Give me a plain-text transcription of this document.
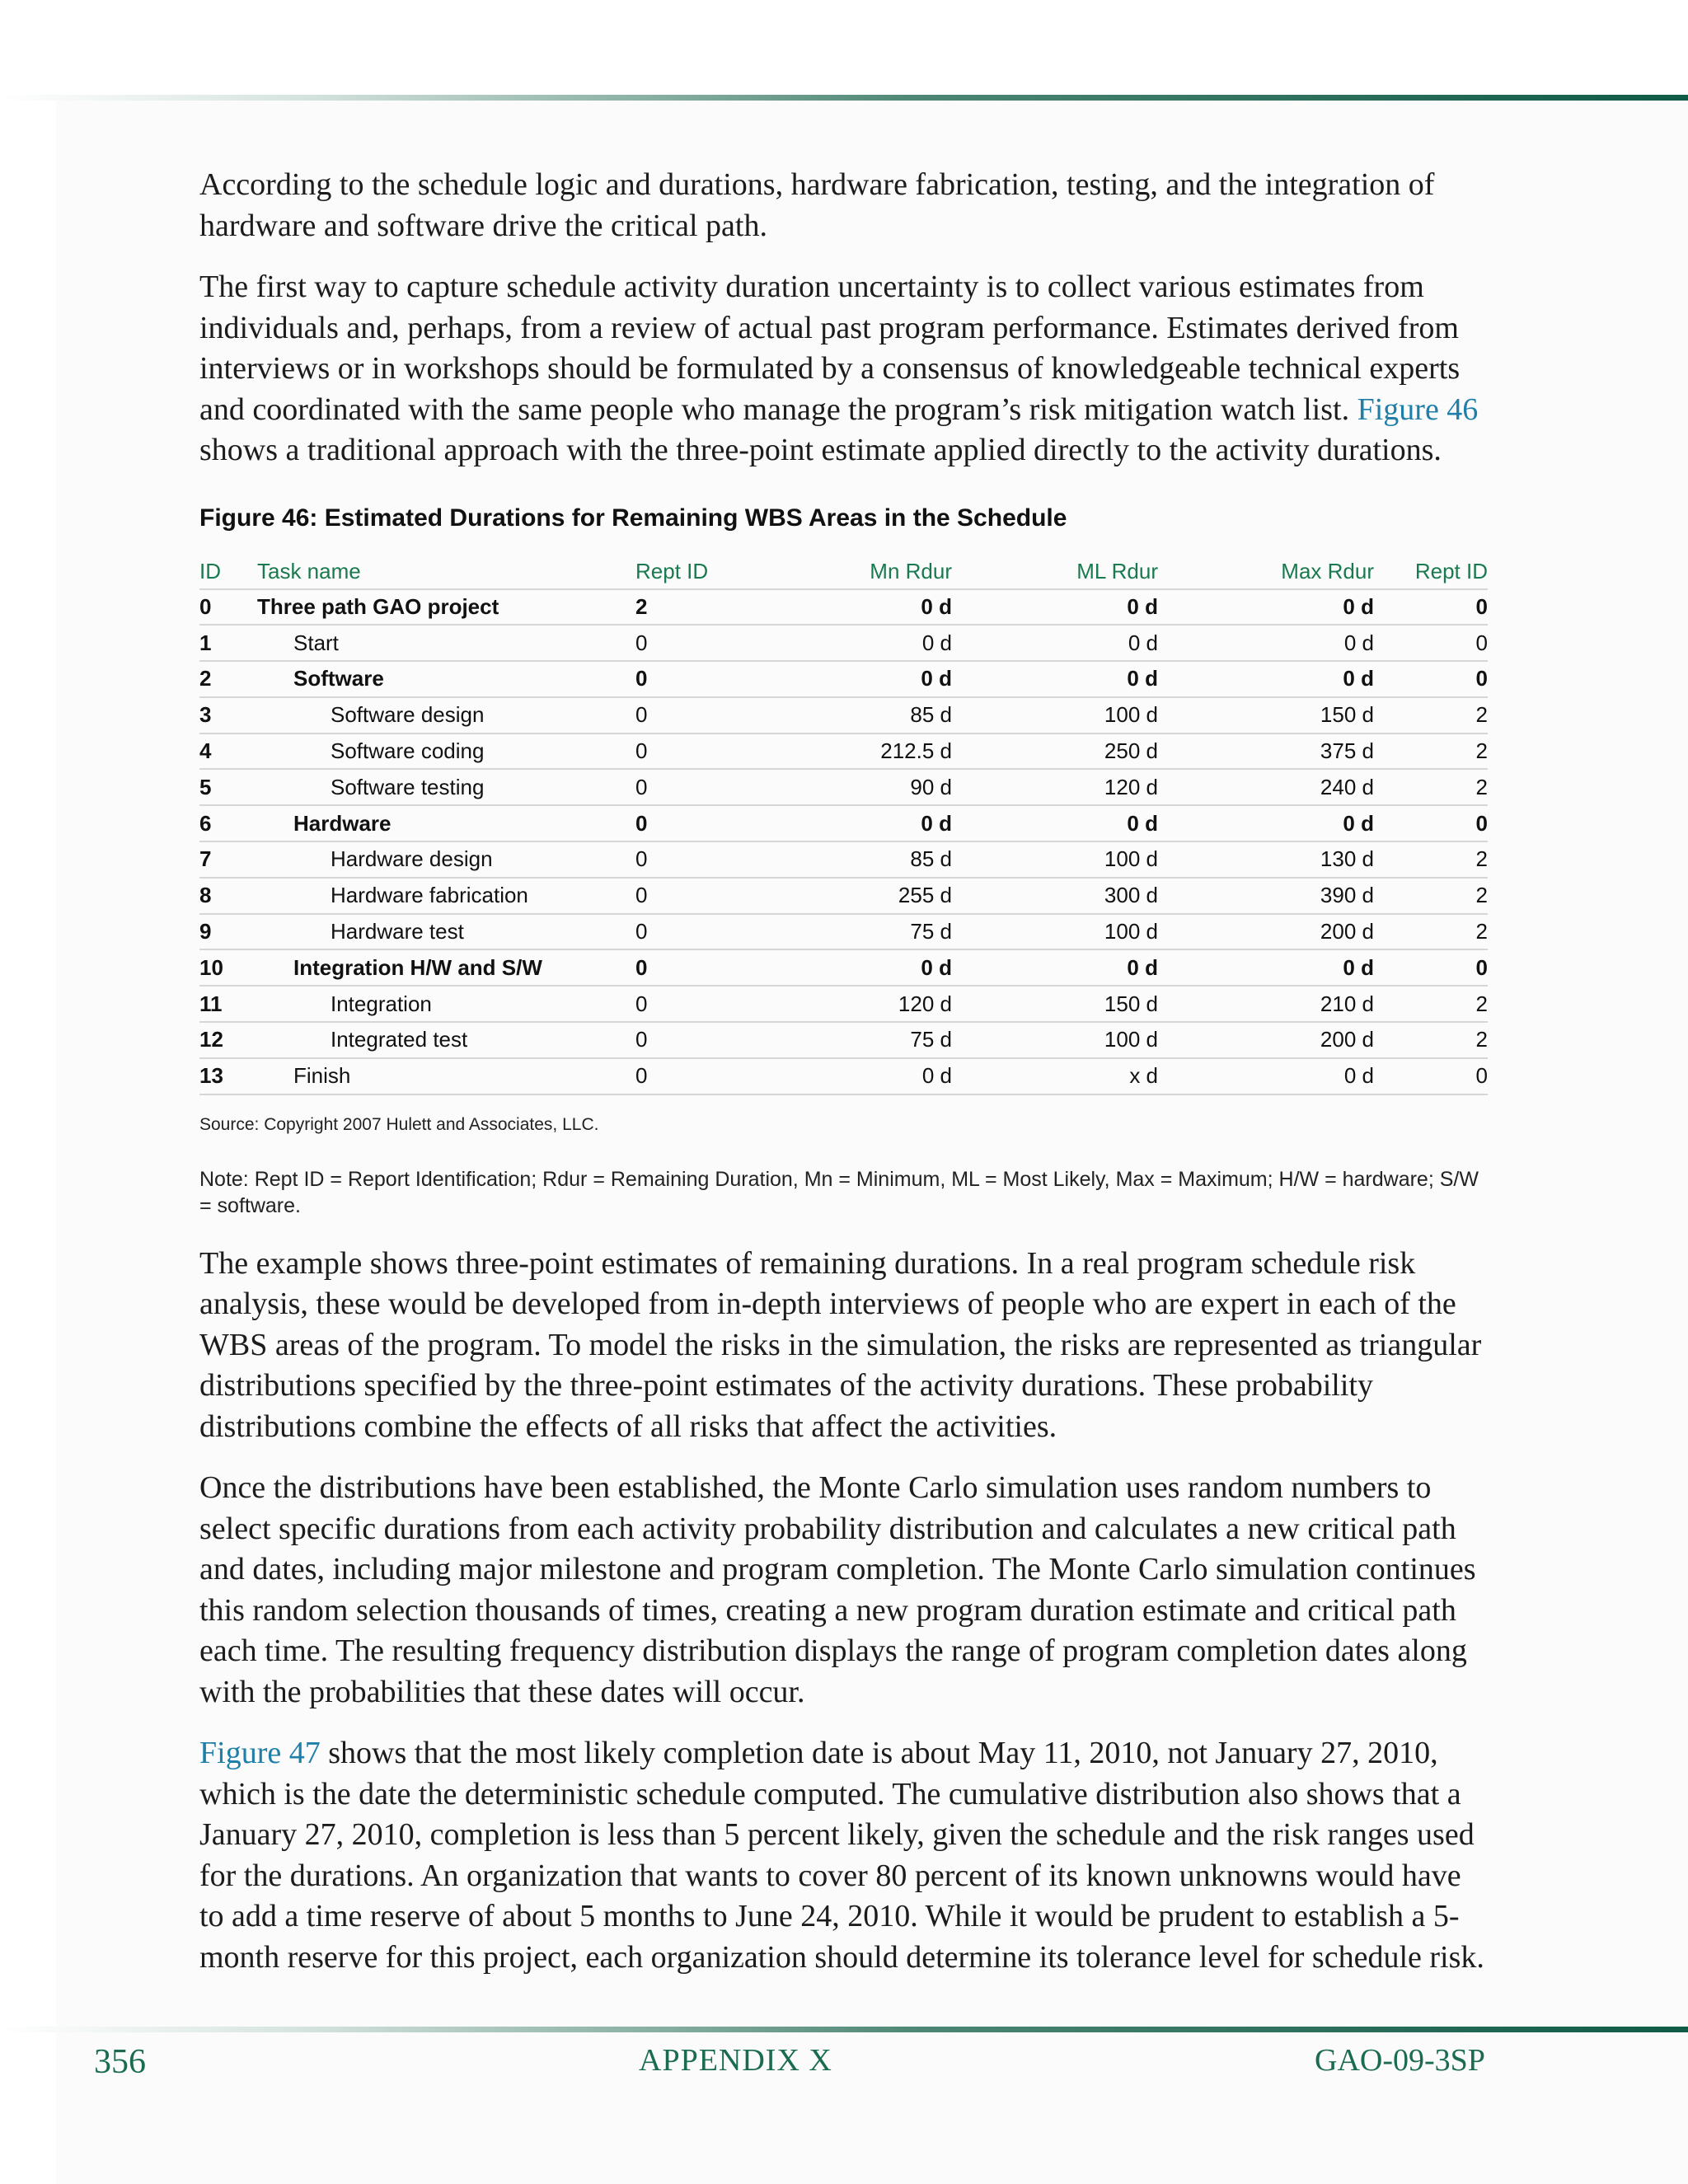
According to the schedule logic and durations, hardware fabrication, testing, and the integration of hardware and software drive the critical path.

The first way to capture schedule activity duration uncertainty is to collect various estimates from individuals and, perhaps, from a review of actual past program performance. Estimates derived from interviews or in workshops should be formulated by a consensus of knowledgeable technical experts and coordinated with the same people who manage the program’s risk mitigation watch list. Figure 46 shows a traditional approach with the three-point estimate applied directly to the activity durations.

Figure 46: Estimated Durations for Remaining WBS Areas in the Schedule
ID	Task name	Rept ID	Mn Rdur	ML Rdur	Max Rdur	Rept ID
0	Three path GAO project	2	0 d	0 d	0 d	0
1	Start	0	0 d	0 d	0 d	0
2	Software	0	0 d	0 d	0 d	0
3	Software design	0	85 d	100 d	150 d	2
4	Software coding	0	212.5 d	250 d	375 d	2
5	Software testing	0	90 d	120 d	240 d	2
6	Hardware	0	0 d	0 d	0 d	0
7	Hardware design	0	85 d	100 d	130 d	2
8	Hardware fabrication	0	255 d	300 d	390 d	2
9	Hardware test	0	75 d	100 d	200 d	2
10	Integration H/W and S/W	0	0 d	0 d	0 d	0
11	Integration	0	120 d	150 d	210 d	2
12	Integrated test	0	75 d	100 d	200 d	2
13	Finish	0	0 d	x d	0 d	0
Source: Copyright 2007 Hulett and Associates, LLC.
Note: Rept ID = Report Identification; Rdur = Remaining Duration, Mn = Minimum, ML = Most Likely, Max = Maximum; H/W = hardware; S/W = software.

The example shows three-point estimates of remaining durations. In a real program schedule risk analysis, these would be developed from in-depth interviews of people who are expert in each of the WBS areas of the program. To model the risks in the simulation, the risks are represented as triangular distributions specified by the three-point estimates of the activity durations. These probability distributions combine the effects of all risks that affect the activities.

Once the distributions have been established, the Monte Carlo simulation uses random numbers to select specific durations from each activity probability distribution and calculates a new critical path and dates, including major milestone and program completion. The Monte Carlo simulation continues this random selection thousands of times, creating a new program duration estimate and critical path each time. The resulting frequency distribution displays the range of program completion dates along with the probabilities that these dates will occur.

Figure 47 shows that the most likely completion date is about May 11, 2010, not January 27, 2010, which is the date the deterministic schedule computed. The cumulative distribution also shows that a January 27, 2010, completion is less than 5 percent likely, given the schedule and the risk ranges used for the durations. An organization that wants to cover 80 percent of its known unknowns would have to add a time reserve of about 5 months to June 24, 2010. While it would be prudent to establish a 5-month reserve for this project, each organization should determine its tolerance level for schedule risk.

356	APPENDIX X	GAO-09-3SP
